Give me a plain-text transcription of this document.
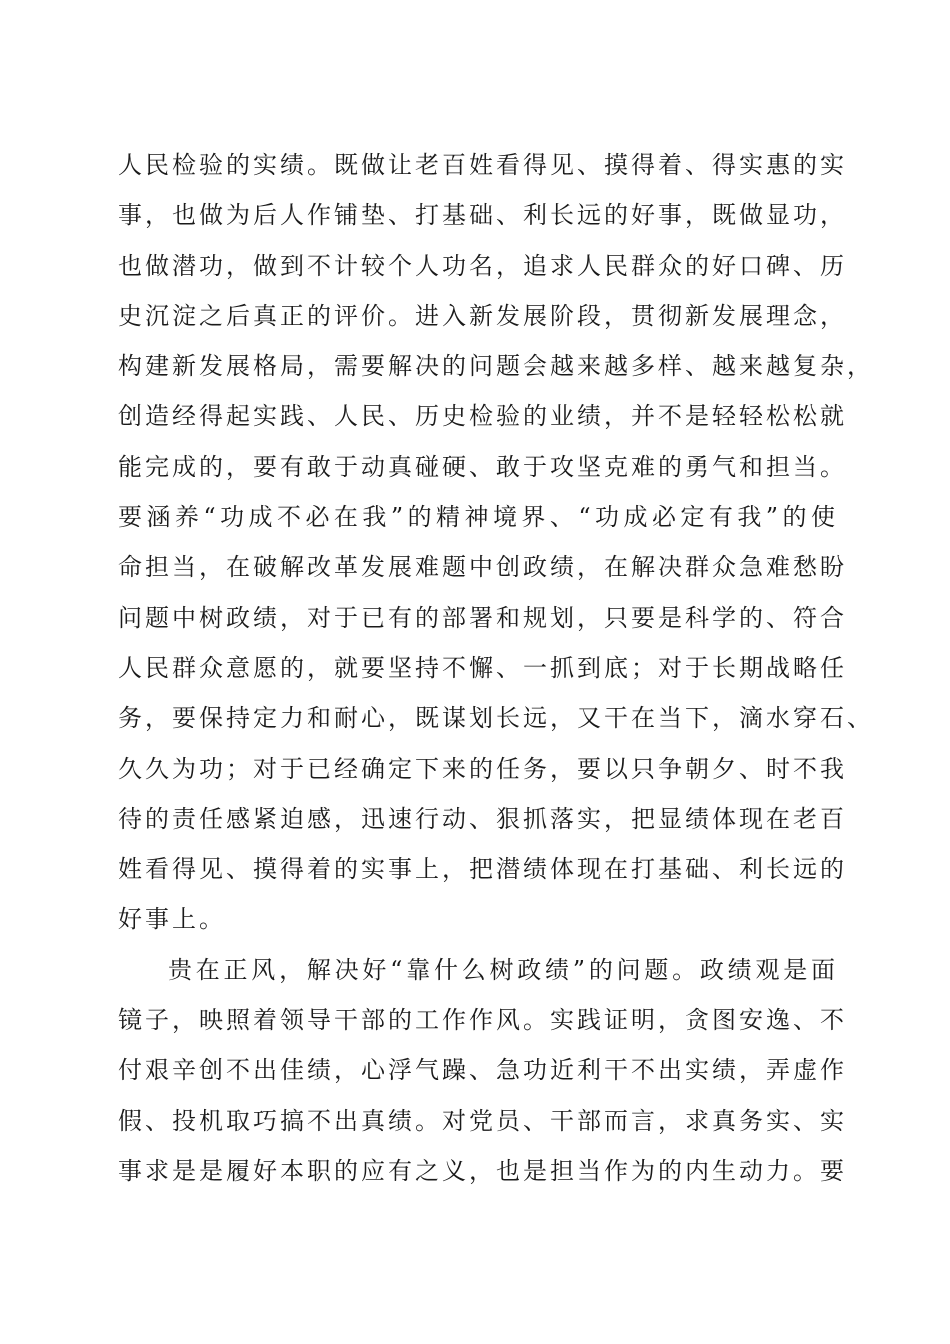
人民检验的实绩。既做让老百姓看得见、摸得着、得实惠的实
事，也做为后人作铺垫、打基础、利长远的好事，既做显功，
也做潜功，做到不计较个人功名，追求人民群众的好口碑、历
史沉淀之后真正的评价。进入新发展阶段，贯彻新发展理念，
构建新发展格局，需要解决的问题会越来越多样、越来越复杂，
创造经得起实践、人民、历史检验的业绩，并不是轻轻松松就
能完成的，要有敢于动真碰硬、敢于攻坚克难的勇气和担当。
要涵养“功成不必在我”的精神境界、“功成必定有我”的使
命担当，在破解改革发展难题中创政绩，在解决群众急难愁盼
问题中树政绩，对于已有的部署和规划，只要是科学的、符合
人民群众意愿的，就要坚持不懈、一抓到底；对于长期战略任
务，要保持定力和耐心，既谋划长远，又干在当下，滴水穿石、
久久为功；对于已经确定下来的任务，要以只争朝夕、时不我
待的责任感紧迫感，迅速行动、狠抓落实，把显绩体现在老百
姓看得见、摸得着的实事上，把潜绩体现在打基础、利长远的
好事上。
贵在正风，解决好“靠什么树政绩”的问题。政绩观是面
镜子，映照着领导干部的工作作风。实践证明，贪图安逸、不
付艰辛创不出佳绩，心浮气躁、急功近利干不出实绩，弄虚作
假、投机取巧搞不出真绩。对党员、干部而言，求真务实、实
事求是是履好本职的应有之义，也是担当作为的内生动力。要
